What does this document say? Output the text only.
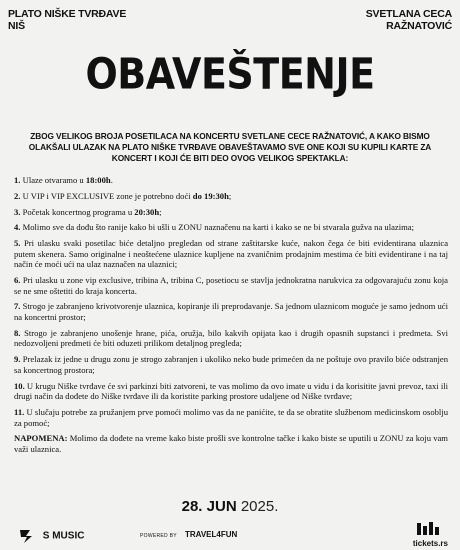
PLATO NIŠKE TVRĐAVE
NIŠ
SVETLANA CECA
RAŽNATOVIĆ
OBAVEŠTENJE
ZBOG VELIKOG BROJA POSETILACA NA KONCERTU SVETLANE CECE RAŽNATOVIĆ, A KAKO BISMO OLAKŠALI ULAZAK NA PLATO NIŠKE TVRĐAVE OBAVEŠTAVAMO SVE ONE KOJI SU KUPILI KARTE ZA KONCERT I KOJI ĆE BITI DEO OVOG VELIKOG SPEKTAKLA:
1. Ulaze otvaramo u 18:00h.
2. U VIP i VIP EXCLUSIVE zone je potrebno doći do 19:30h;
3. Početak koncertnog programa u 20:30h;
4. Molimo sve da dođu što ranije kako bi ušli u ZONU naznačenu na karti i kako se ne bi stvarala gužva na ulazima;
5. Pri ulasku svaki posetilac biće detaljno pregledan od strane zaštitarske kuće, nakon čega će biti evidentirana ulaznica putem skenera. Samo originalne i neoštećene ulaznice kupljene na zvaničnim prodajnim mestima će biti evidentirane i na taj način će moći ući na ulaz naznačen na ulaznici;
6. Pri ulasku u zone vip exclusive, tribina A, tribina C, posetiocu se stavlja jednokratna narukvica za odgovarajuću zonu koja se ne sme oštetiti do kraja koncerta.
7. Strogo je zabranjeno krivotvorenje ulaznica, kopiranje ili preprodavanje. Sa jednom ulaznicom moguće je samo jednom ući na koncertni prostor;
8. Strogo je zabranjeno unošenje hrane, pića, oružja, bilo kakvih opijata kao i drugih opasnih supstanci i predmeta. Svi nedozvoljeni predmeti će biti oduzeti prilikom detaljnog pregleda;
9. Prelazak iz jedne u drugu zonu je strogo zabranjen i ukoliko neko bude primećen da ne poštuje ovo pravilo biće odstranjen sa koncertnog prostora;
10. U krugu Niške tvrđave će svi parkinzi biti zatvoreni, te vas molimo da ovo imate u vidu i da korisitite javni prevoz, taxi ili drugi način da dođete do Niške tvrđave ili da koristite parking prostore udaljene od Niške tvrđave;
11. U slučaju potrebe za pružanjem prve pomoći molimo vas da ne panićite, te da se obratite službenom medicinskom osoblju za pomoć;
NAPOMENA: Molimo da dođete na vreme kako biste prošli sve kontrolne tačke i kako biste se uputili u ZONU za koju vam važi ulaznica.
28. JUN 2025.
S MUSIC	POWERED BY TRAVEL4FUN
tickets.rs
